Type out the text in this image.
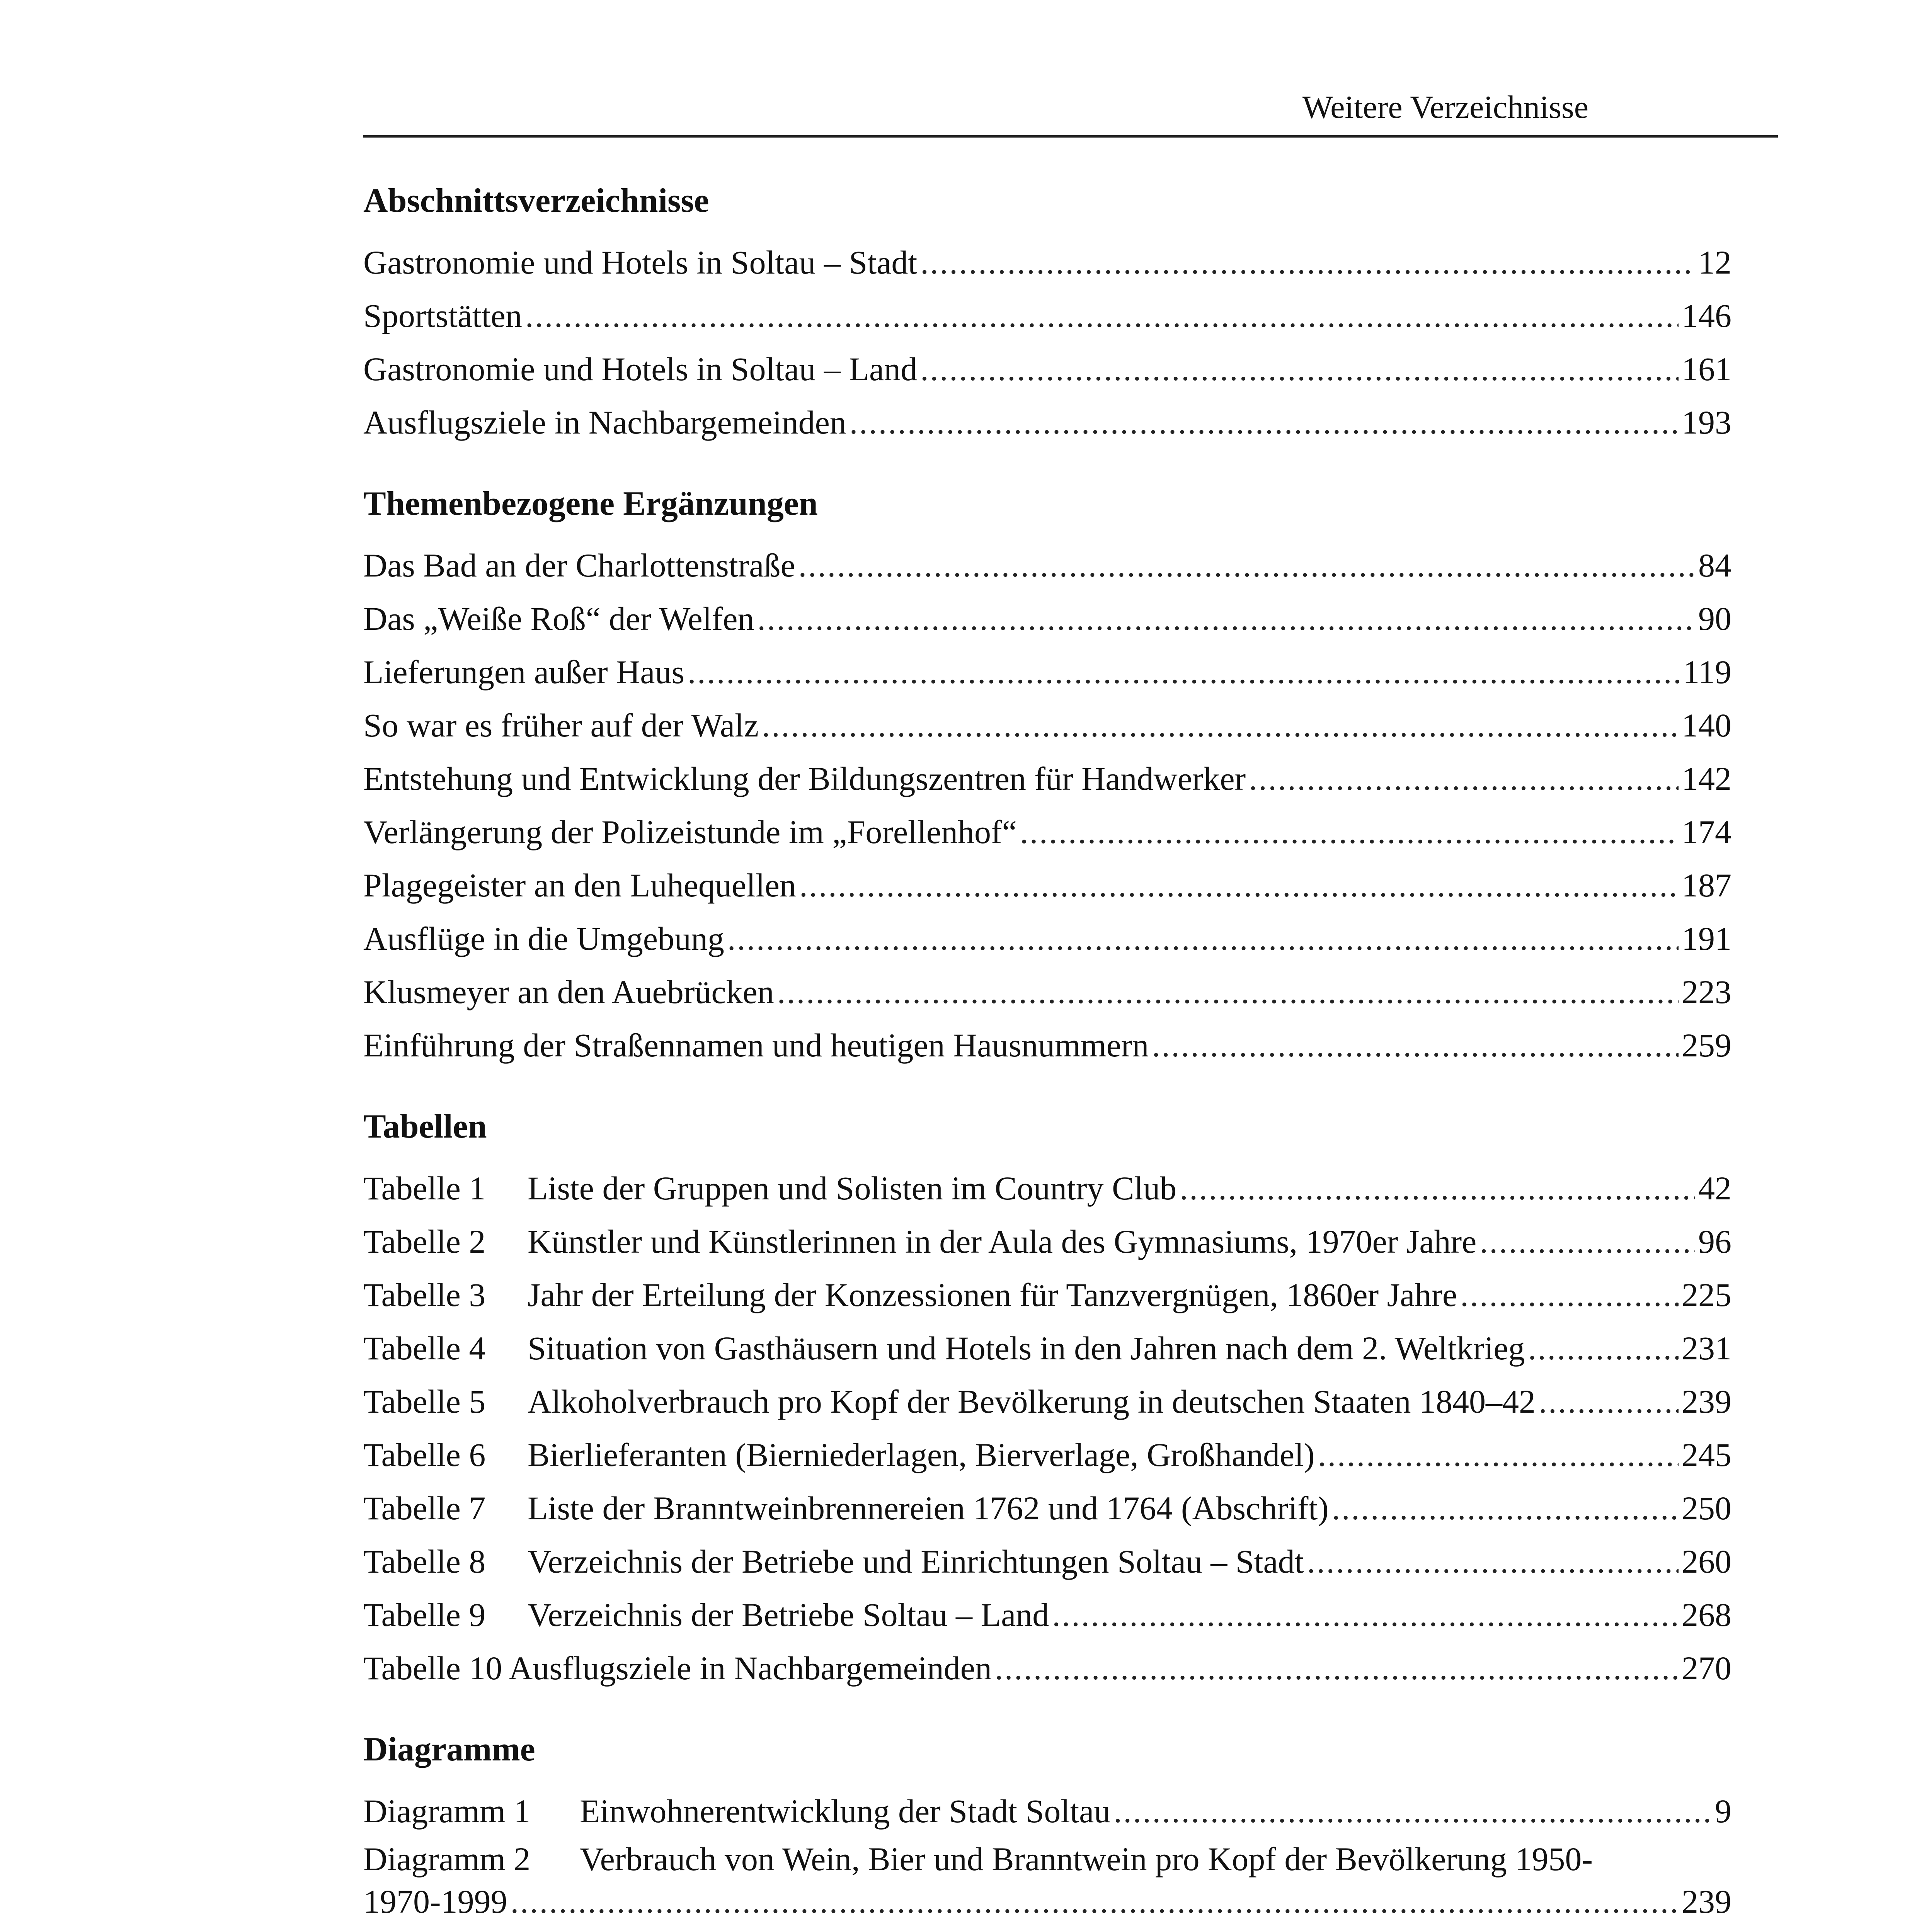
Weitere Verzeichnisse
Abschnittsverzeichnisse
Gastronomie und Hotels in Soltau – Stadt . . .	12
Sportstätten . . .	146
Gastronomie und Hotels in Soltau – Land . . .	161
Ausflugsziele in Nachbargemeinden . . .	193
Themenbezogene Ergänzungen
Das Bad an der Charlottenstraße . . .	84
Das „Weiße Roß“ der Welfen . . .	90
Lieferungen außer Haus . . .	119
So war es früher auf der Walz . . .	140
Entstehung und Entwicklung der Bildungszentren für Handwerker . . .	142
Verlängerung der Polizeistunde im „Forellenhof“ . . .	174
Plagegeister an den Luhequellen . . .	187
Ausflüge in die Umgebung . . .	191
Klusmeyer an den Auebrücken . . .	223
Einführung der Straßennamen und heutigen Hausnummern . . .	259
Tabellen
Tabelle 1 Liste der Gruppen und Solisten im Country Club . . .	42
Tabelle 2 Künstler und Künstlerinnen in der Aula des Gymnasiums, 1970er Jahre . . .	96
Tabelle 3 Jahr der Erteilung der Konzessionen für Tanzvergnügen, 1860er Jahre . . .	225
Tabelle 4 Situation von Gasthäusern und Hotels in den Jahren nach dem 2. Weltkrieg . . .	231
Tabelle 5 Alkoholverbrauch pro Kopf der Bevölkerung in deutschen Staaten 1840–42 . . .	239
Tabelle 6 Bierlieferanten (Bierniederlagen, Bierverlage, Großhandel) . . .	245
Tabelle 7 Liste der Branntweinbrennereien 1762 und 1764 (Abschrift) . . .	250
Tabelle 8 Verzeichnis der Betriebe und Einrichtungen Soltau – Stadt . . .	260
Tabelle 9 Verzeichnis der Betriebe Soltau – Land . . .	268
Tabelle 10 Ausflugsziele in Nachbargemeinden . . .	270
Diagramme
Diagramm 1 Einwohnerentwicklung der Stadt Soltau . . .	9
Diagramm 2 Verbrauch von Wein, Bier und Branntwein pro Kopf der Bevölkerung 1950-
1970-1999 . . .	239
